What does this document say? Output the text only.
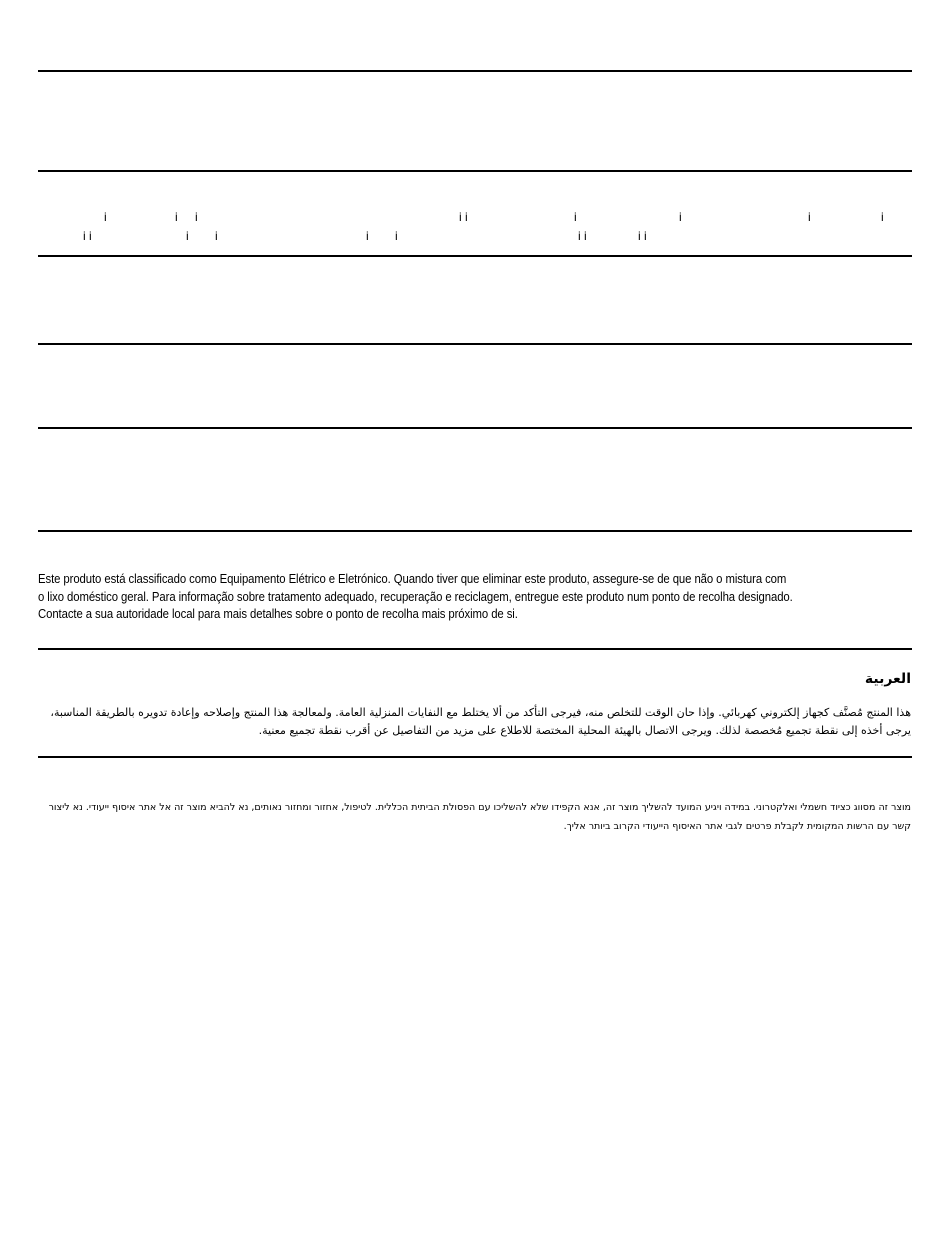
i	i i	i i	i	i	i	i
i i	i i	i i	i i	i i
Este produto está classificado como Equipamento Elétrico e Eletrónico. Quando tiver que eliminar este produto, assegure-se de que não o mistura com o lixo doméstico geral. Para informação sobre tratamento adequado, recuperação e reciclagem, entregue este produto num ponto de recolha designado. Contacte a sua autoridade local para mais detalhes sobre o ponto de recolha mais próximo de si.
العربية
هذا المنتج مُصنَّف كجهاز إلكتروني كهربائي. وإذا حان الوقت للتخلص منه، فيرجى التأكد من ألا يختلط مع النفايات المنزلية العامة. ولمعالجة هذا المنتج وإصلاحه وإعادة تدويره بالطريقة المناسبة، يرجى أخذه إلى نقطة تجميع مُخصصة لذلك. ويرجى الاتصال بالهيئة المحلية المختصة للاطلاع على مزيد من التفاصيل عن أقرب نقطة تجميع معنية.
מוצר זה מסווג כציוד חשמלי ואלקטרוני. במידה ויגיע המועד להשליך מוצר זה, אנא הקפידו שלא להשליכו עם הפסולת הביתית הכללית. לטיפול, אחזור ומחזור נאותים, נא להביא מוצר זה אל אתר איסוף ייעודי. נא ליצור קשר עם הרשות המקומית לקבלת פרטים לגבי אתר האיסוף הייעודי הקרוב ביותר אליך.
